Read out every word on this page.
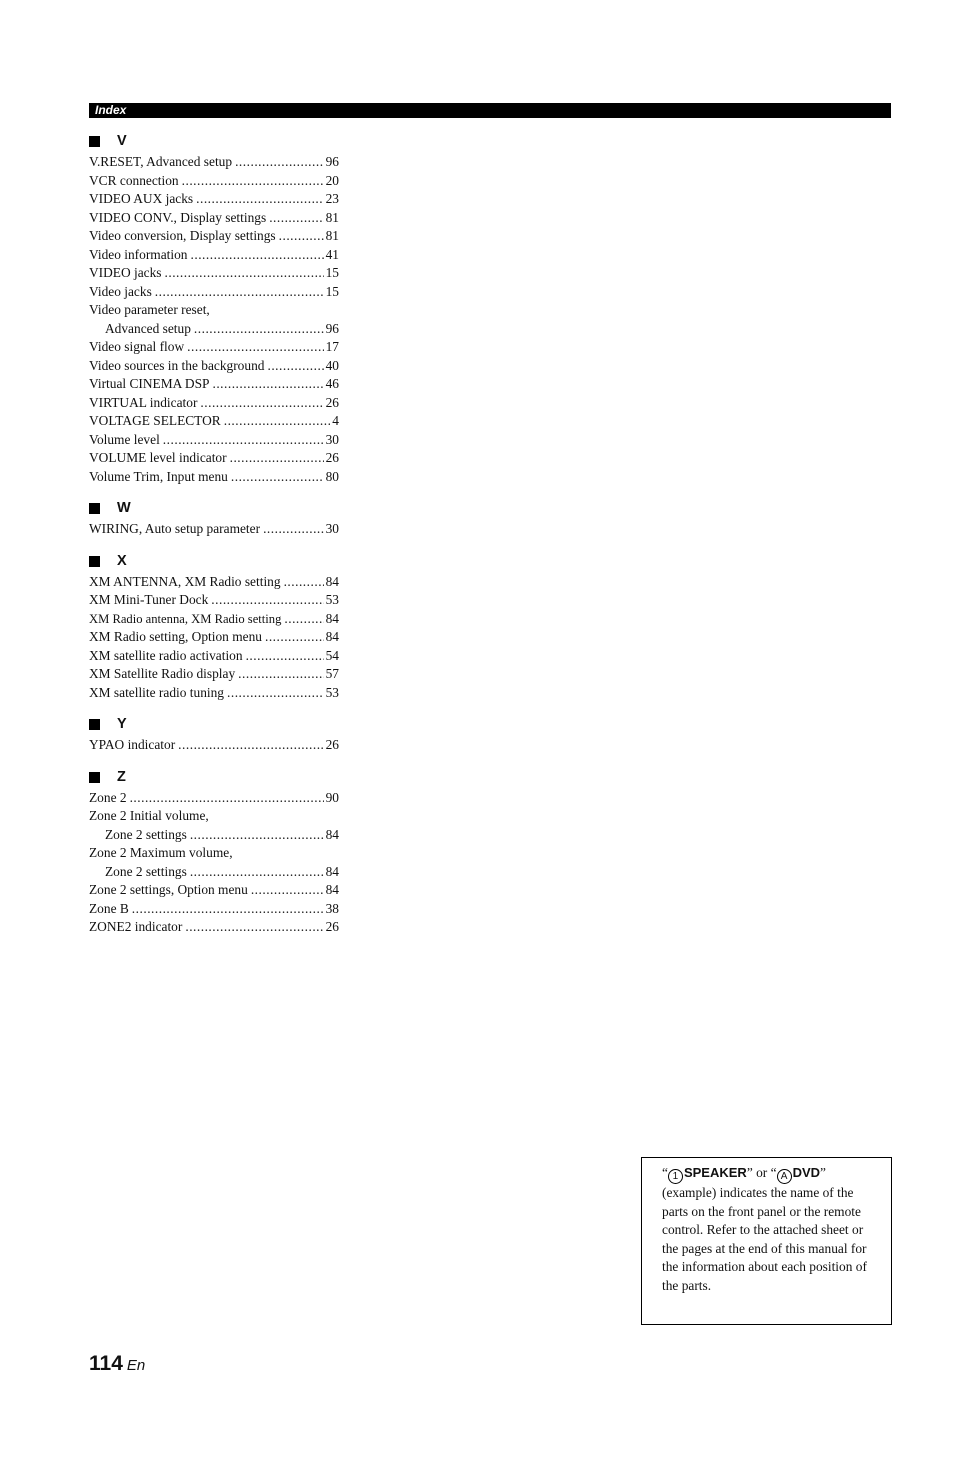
Index
V
V.RESET, Advanced setup .....	96
VCR connection .....	20
VIDEO AUX jacks .....	23
VIDEO CONV., Display settings .....	81
Video conversion, Display settings .....	81
Video information .....	41
VIDEO jacks .....	15
Video jacks .....	15
Video parameter reset,
Advanced setup .....	96
Video signal flow .....	17
Video sources in the background .....	40
Virtual CINEMA DSP .....	46
VIRTUAL indicator .....	26
VOLTAGE SELECTOR .....	4
Volume level .....	30
VOLUME level indicator .....	26
Volume Trim, Input menu .....	80
W
WIRING, Auto setup parameter .....	30
X
XM ANTENNA, XM Radio setting .....	84
XM Mini-Tuner Dock .....	53
XM Radio antenna, XM Radio setting .....	84
XM Radio setting, Option menu .....	84
XM satellite radio activation .....	54
XM Satellite Radio display .....	57
XM satellite radio tuning .....	53
Y
YPAO indicator .....	26
Z
Zone 2 .....	90
Zone 2 Initial volume,
Zone 2 settings .....	84
Zone 2 Maximum volume,
Zone 2 settings .....	84
Zone 2 settings, Option menu .....	84
Zone B .....	38
ZONE2 indicator .....	26
“ 1 SPEAKER” or “ A DVD”
(example) indicates the name of the parts on the front panel or the remote control. Refer to the attached sheet or the pages at the end of this manual for the information about each position of the parts.
114 En
